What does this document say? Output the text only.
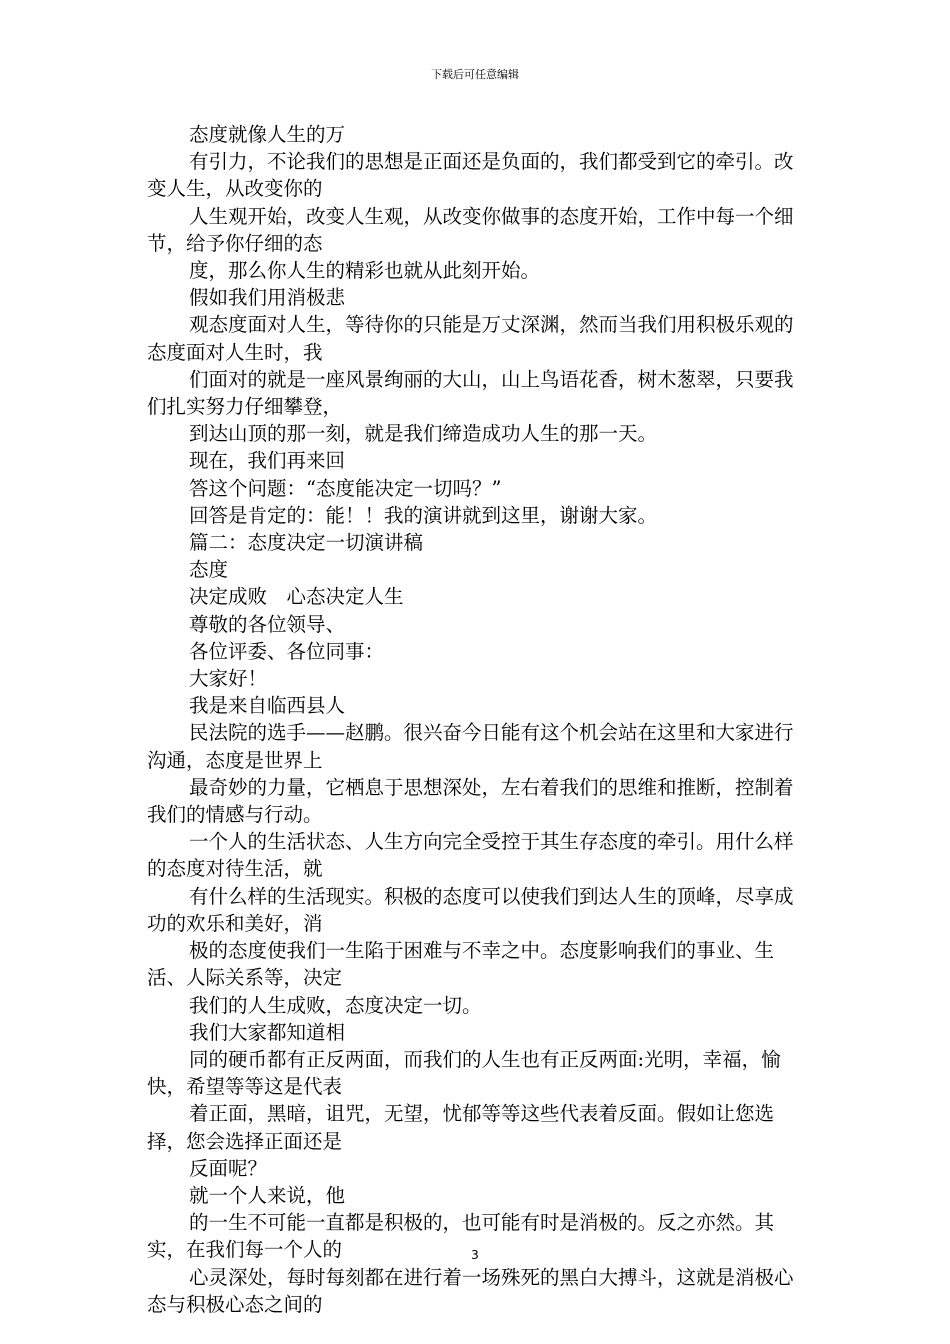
下载后可任意编辑

态度就像人生的万

有引力，不论我们的思想是正面还是负面的，我们都受到它的牵引。改变人生，从改变你的

人生观开始，改变人生观，从改变你做事的态度开始，工作中每一个细节，给予你仔细的态

度，那么你人生的精彩也就从此刻开始。

假如我们用消极悲

观态度面对人生，等待你的只能是万丈深渊，然而当我们用积极乐观的态度面对人生时，我

们面对的就是一座风景绚丽的大山，山上鸟语花香，树木葱翠，只要我们扎实努力仔细攀登，

到达山顶的那一刻，就是我们缔造成功人生的那一天。

现在，我们再来回

答这个问题：“态度能决定一切吗？”

回答是肯定的：能！！我的演讲就到这里，谢谢大家。

篇二：态度决定一切演讲稿

态度

决定成败　心态决定人生

尊敬的各位领导、

各位评委、各位同事：

大家好！

我是来自临西县人

民法院的选手——赵鹏。很兴奋今日能有这个机会站在这里和大家进行沟通，态度是世界上

最奇妙的力量，它栖息于思想深处，左右着我们的思维和推断，控制着我们的情感与行动。

一个人的生活状态、人生方向完全受控于其生存态度的牵引。用什么样的态度对待生活，就

有什么样的生活现实。积极的态度可以使我们到达人生的顶峰，尽享成功的欢乐和美好，消

极的态度使我们一生陷于困难与不幸之中。态度影响我们的事业、生活、人际关系等，决定

我们的人生成败，态度决定一切。

我们大家都知道相

同的硬币都有正反两面，而我们的人生也有正反两面:光明，幸福，愉快，希望等等这是代表

着正面，黑暗，诅咒，无望，忧郁等等这些代表着反面。假如让您选择，您会选择正面还是

反面呢？

就一个人来说，他

的一生不可能一直都是积极的，也可能有时是消极的。反之亦然。其实，在我们每一个人的

心灵深处，每时每刻都在进行着一场殊死的黑白大搏斗，这就是消极心态与积极心态之间的

3
